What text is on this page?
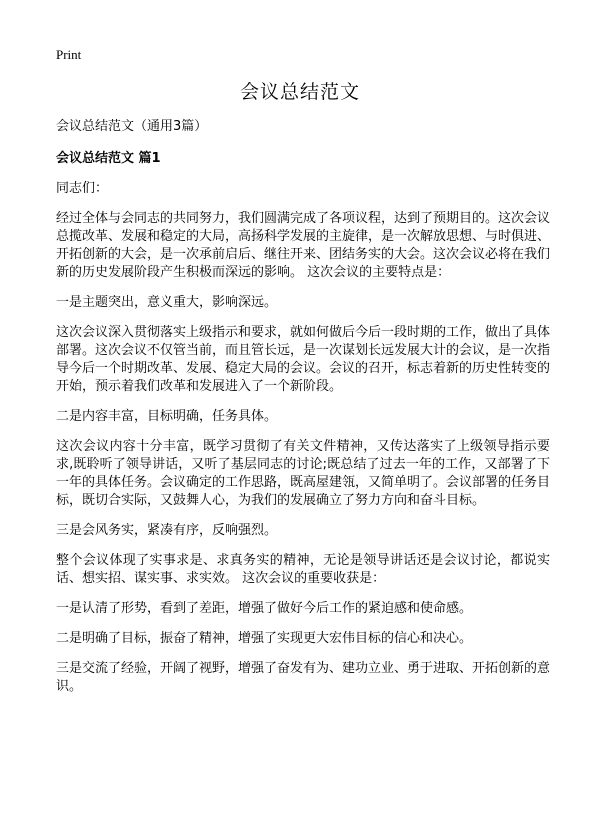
Print
会议总结范文

会议总结范文（通用3篇）

会议总结范文 篇1

同志们：

经过全体与会同志的共同努力，我们圆满完成了各项议程，达到了预期目的。这次会议总揽改革、发展和稳定的大局，高扬科学发展的主旋律，是一次解放思想、与时俱进、开拓创新的大会，是一次承前启后、继往开来、团结务实的大会。这次会议必将在我们新的历史发展阶段产生积极而深远的影响。 这次会议的主要特点是：

一是主题突出，意义重大，影响深远。

这次会议深入贯彻落实上级指示和要求，就如何做后今后一段时期的工作，做出了具体部署。这次会议不仅管当前，而且管长远，是一次谋划长远发展大计的会议，是一次指导今后一个时期改革、发展、稳定大局的会议。会议的召开，标志着新的历史性转变的开始，预示着我们改革和发展进入了一个新阶段。

二是内容丰富，目标明确，任务具体。

这次会议内容十分丰富，既学习贯彻了有关文件精神，又传达落实了上级领导指示要求,既聆听了领导讲话，又听了基层同志的讨论;既总结了过去一年的工作，又部署了下一年的具体任务。会议确定的工作思路，既高屋建瓴，又简单明了。会议部署的任务目标，既切合实际，又鼓舞人心，为我们的发展确立了努力方向和奋斗目标。

三是会风务实，紧凑有序，反响强烈。

整个会议体现了实事求是、求真务实的精神，无论是领导讲话还是会议讨论，都说实话、想实招、谋实事、求实效。 这次会议的重要收获是：

一是认清了形势，看到了差距，增强了做好今后工作的紧迫感和使命感。

二是明确了目标，振奋了精神，增强了实现更大宏伟目标的信心和决心。

三是交流了经验，开阔了视野，增强了奋发有为、建功立业、勇于进取、开拓创新的意识。
